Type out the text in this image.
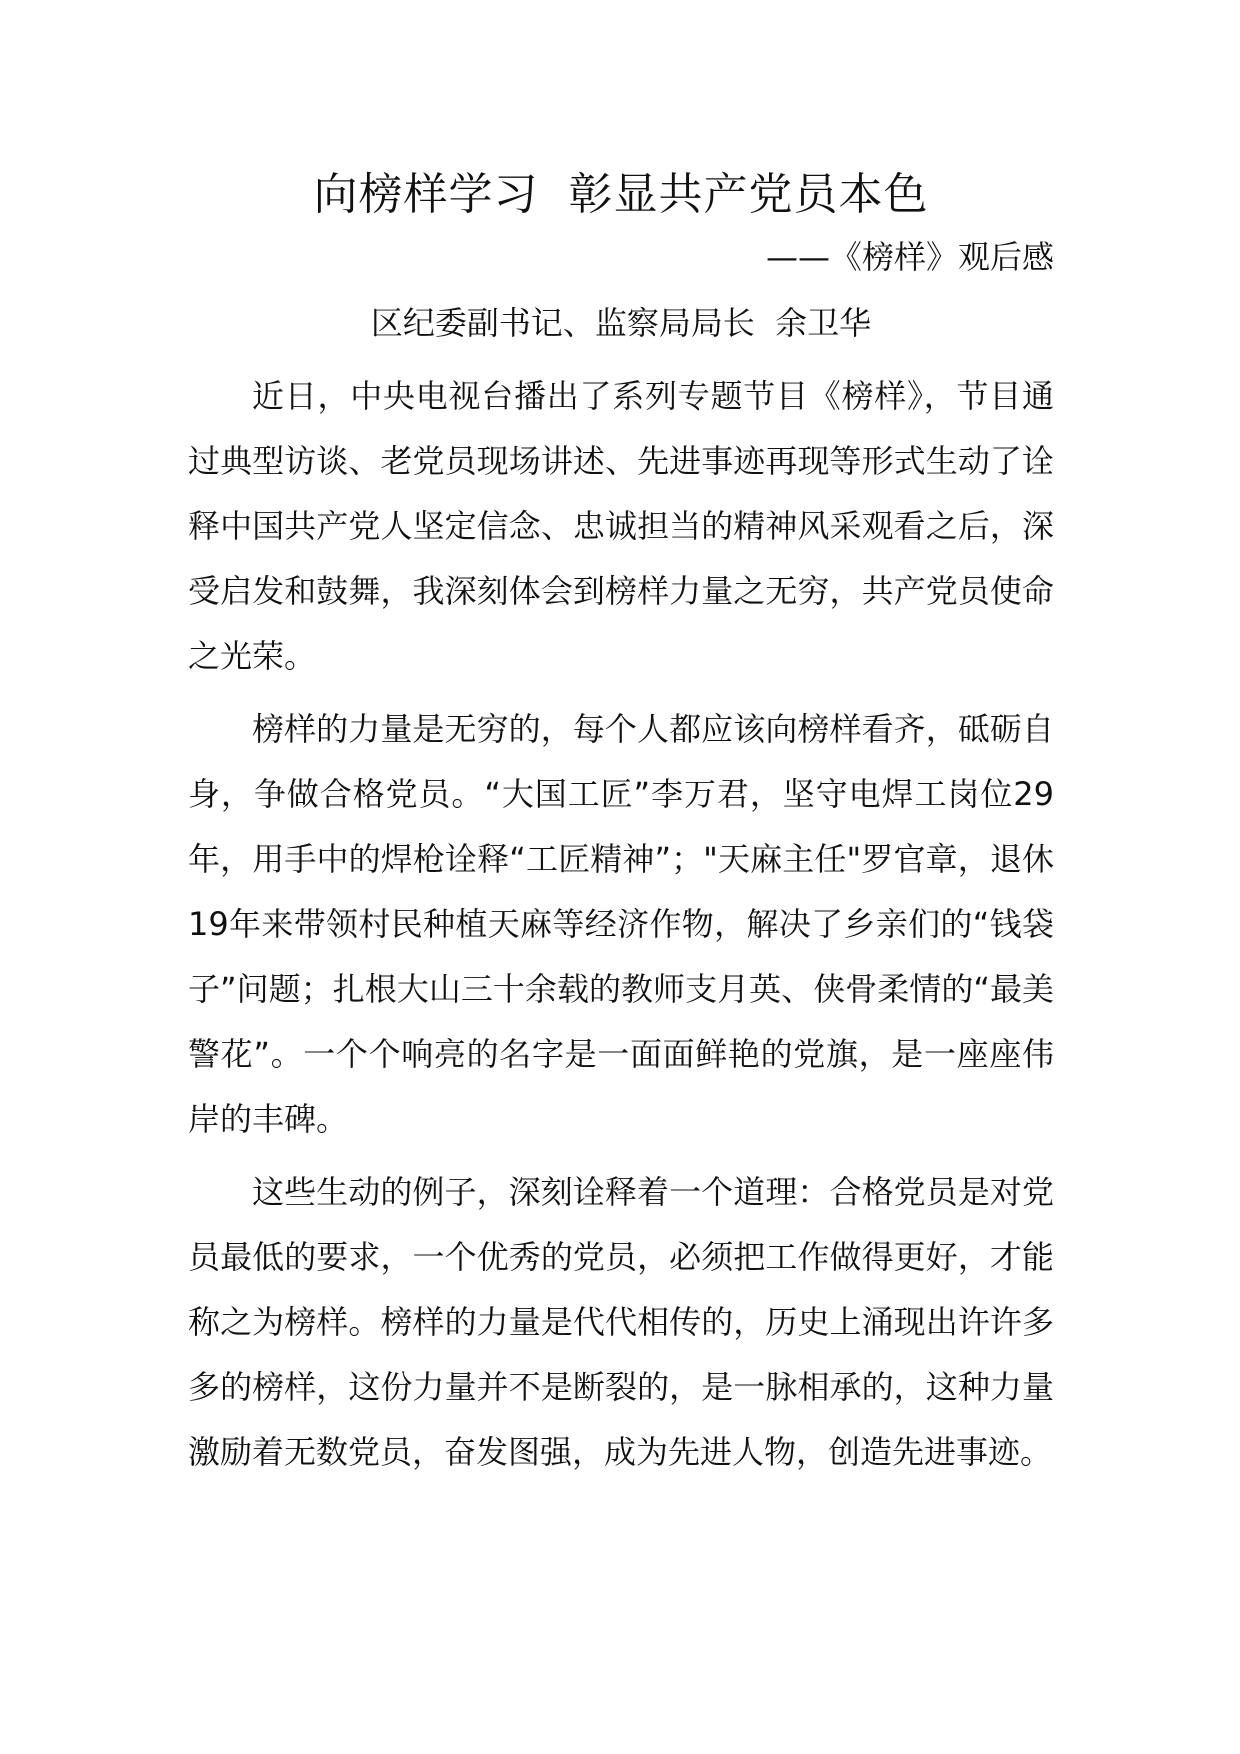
向榜样学习  彰显共产党员本色
——《榜样》观后感
区纪委副书记、监察局局长  余卫华

近日，中央电视台播出了系列专题节目《榜样》，节目通过典型访谈、老党员现场讲述、先进事迹再现等形式生动了诠释中国共产党人坚定信念、忠诚担当的精神风采观看之后，深受启发和鼓舞，我深刻体会到榜样力量之无穷，共产党员使命之光荣。

榜样的力量是无穷的，每个人都应该向榜样看齐，砥砺自身，争做合格党员。“大国工匠”李万君，坚守电焊工岗位29年，用手中的焊枪诠释“工匠精神”；"天麻主任"罗官章，退休19年来带领村民种植天麻等经济作物，解决了乡亲们的“钱袋子”问题；扎根大山三十余载的教师支月英、侠骨柔情的“最美警花”。一个个响亮的名字是一面面鲜艳的党旗，是一座座伟岸的丰碑。

这些生动的例子，深刻诠释着一个道理：合格党员是对党员最低的要求，一个优秀的党员，必须把工作做得更好，才能称之为榜样。榜样的力量是代代相传的，历史上涌现出许许多多的榜样，这份力量并不是断裂的，是一脉相承的，这种力量激励着无数党员，奋发图强，成为先进人物，创造先进事迹。
